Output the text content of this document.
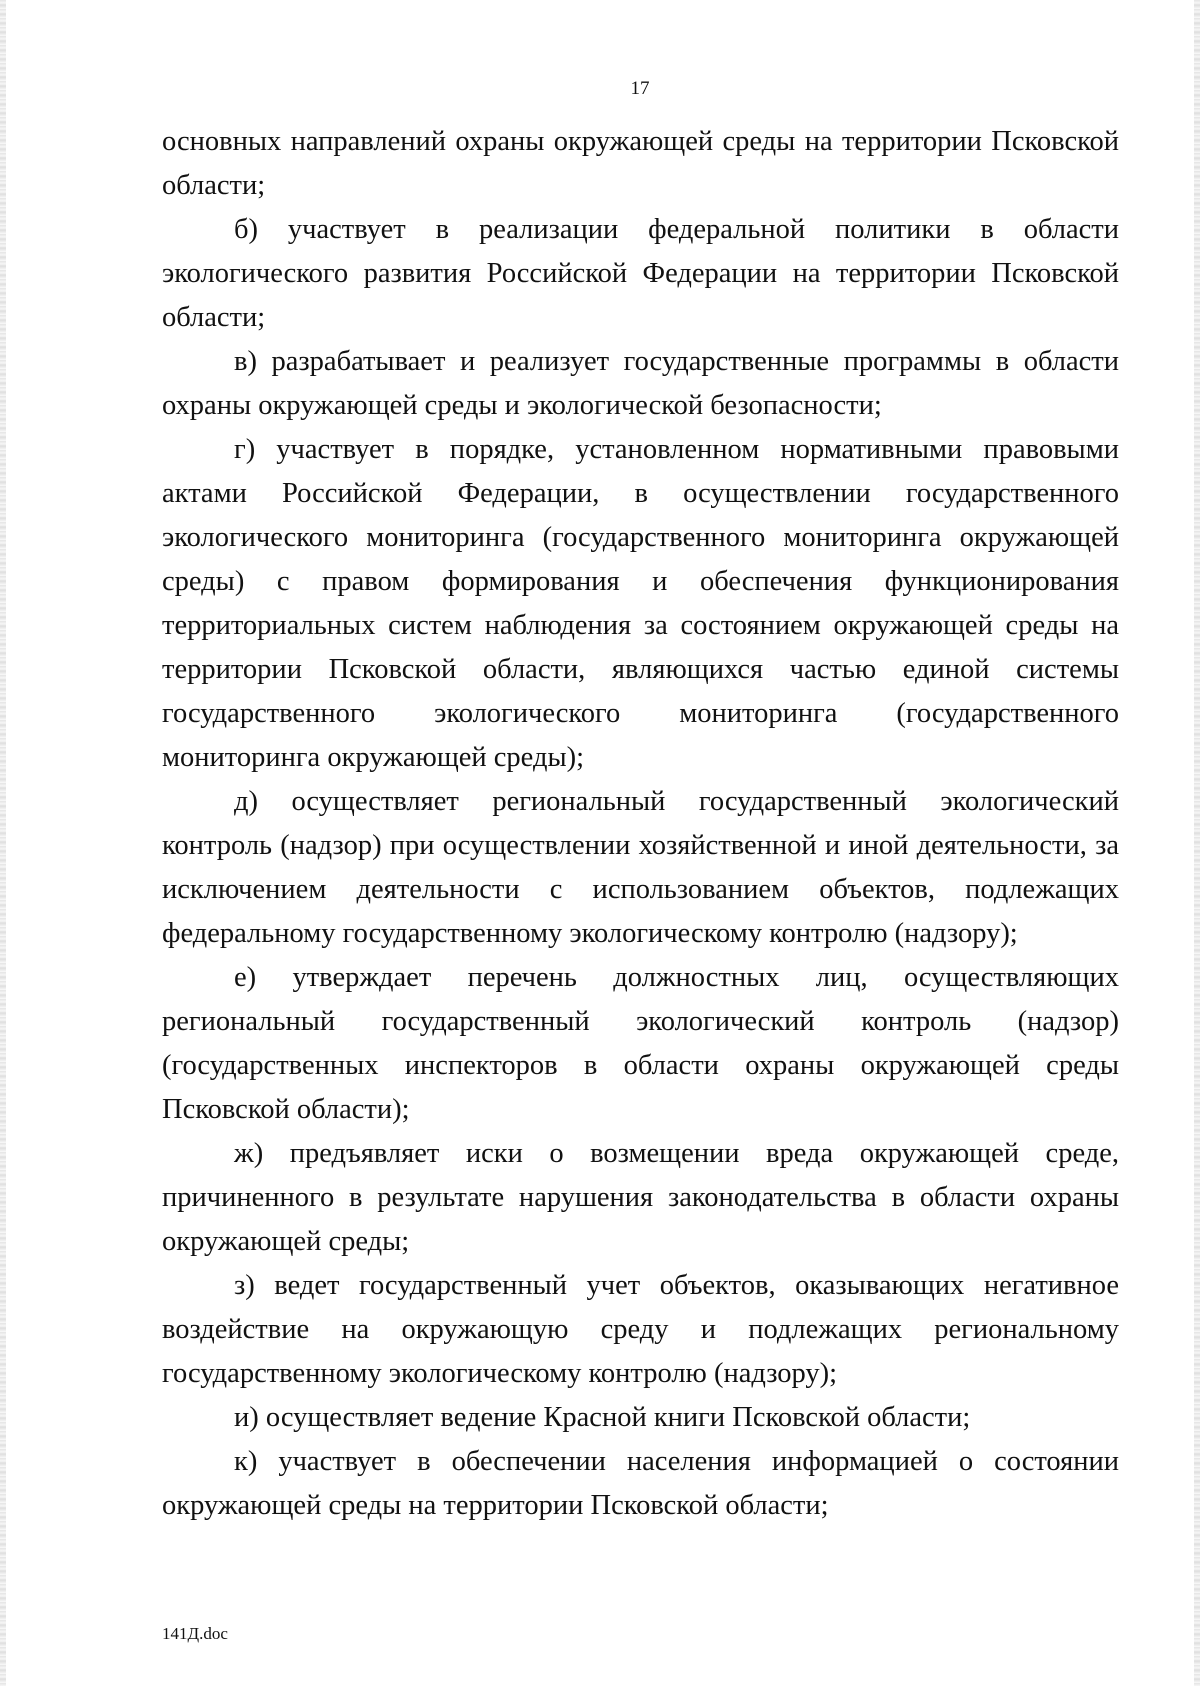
17

основных направлений охраны окружающей среды на территории Псковской области;

б) участвует в реализации федеральной политики в области экологического развития Российской Федерации на территории Псковской области;

в) разрабатывает и реализует государственные программы в области охраны окружающей среды и экологической безопасности;

г) участвует в порядке, установленном нормативными правовыми актами Российской Федерации, в осуществлении государственного экологического мониторинга (государственного мониторинга окружающей среды) с правом формирования и обеспечения функционирования территориальных систем наблюдения за состоянием окружающей среды на территории Псковской области, являющихся частью единой системы государственного экологического мониторинга (государственного мониторинга окружающей среды);

д) осуществляет региональный государственный экологический контроль (надзор) при осуществлении хозяйственной и иной деятельности, за исключением деятельности с использованием объектов, подлежащих федеральному государственному экологическому контролю (надзору);

е) утверждает перечень должностных лиц, осуществляющих региональный государственный экологический контроль (надзор) (государственных инспекторов в области охраны окружающей среды Псковской области);

ж) предъявляет иски о возмещении вреда окружающей среде, причиненного в результате нарушения законодательства в области охраны окружающей среды;

з) ведет государственный учет объектов, оказывающих негативное воздействие на окружающую среду и подлежащих региональному государственному экологическому контролю (надзору);

и) осуществляет ведение Красной книги Псковской области;

к) участвует в обеспечении населения информацией о состоянии окружающей среды на территории Псковской области;

141Д.doc
